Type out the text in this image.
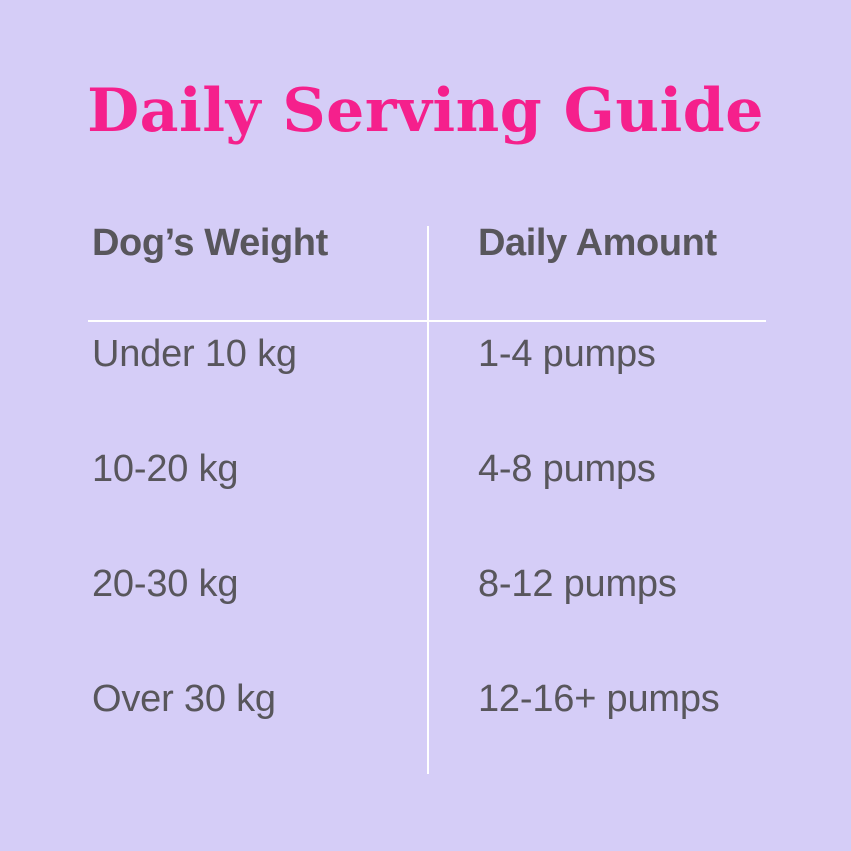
Daily Serving Guide
Dog’s Weight	Daily Amount
Under 10 kg	1-4 pumps
10-20 kg	4-8 pumps
20-30 kg	8-12 pumps
Over 30 kg	12-16+ pumps
